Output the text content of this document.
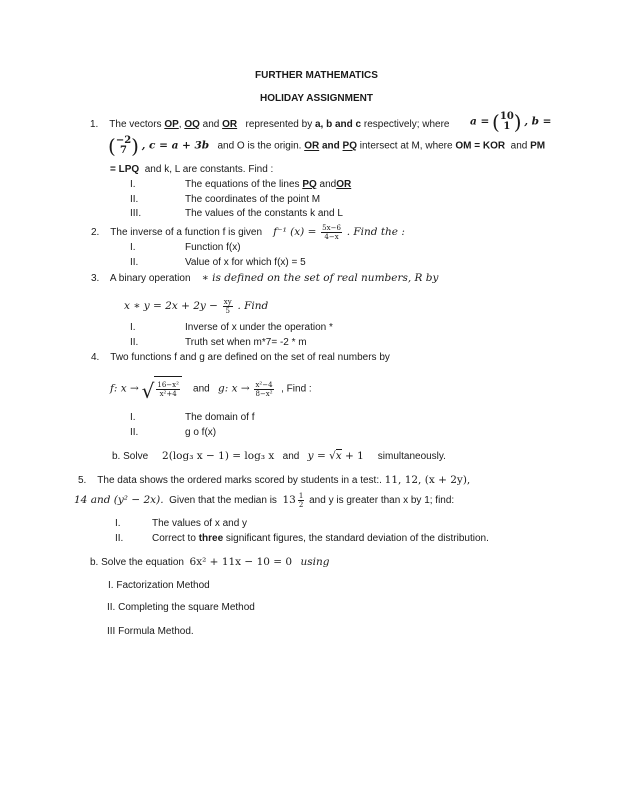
FURTHER MATHEMATICS
HOLIDAY ASSIGNMENT
1. The vectors OP, OQ and OR represented by a, b and c respectively; where a = ( 10
1 ) , b =
( −2
7 ) , c = a + 3b and O is the origin. OR and PQ intersect at M, where OM = KOR and PM
= LPQ and k, L are constants. Find :
I.	The equations of the lines PQ andOR
II.	The coordinates of the point M
III.	The values of the constants k and L
2. The inverse of a function f is given f⁻¹ $(x) = \frac{5x-6}{4-x}$ . Find the :
I.	Function f(x)
II.	Value of x for which f(x) = 5
3. A binary operation ∗ is defined on the set of real numbers, R by
x ∗ $y = 2x + 2y - \frac{xy}{5}$ . Find
I.	Inverse of x under the operation *
II.	Truth set when m*7= -2 * m
4. Two functions f and g are defined on the set of real numbers by
f: x → √ $\frac{\text{16−x²}}{\text{x²+4}}$ and g: $x \to \frac{\text{x²−4}}{\text{8−x²}}$ , Find :
I.	The domain of f
II.	g o f(x)
b. Solve 2(log₃ x − 1) = log₃ x and y = √x + 1 simultaneously.
5. The data shows the ordered marks scored by students in a test:. 11, 12, (x + 2y),
14 and (y² − 2x). Given that the median is $13 \frac{1}{2}$ and y is greater than x by 1; find:
I.	The values of x and y
II.	Correct to three significant figures, the standard deviation of the distribution.
b. Solve the equation 6x² + 11x − 10 = 0 using
I. Factorization Method
II. Completing the square Method
III Formula Method.
